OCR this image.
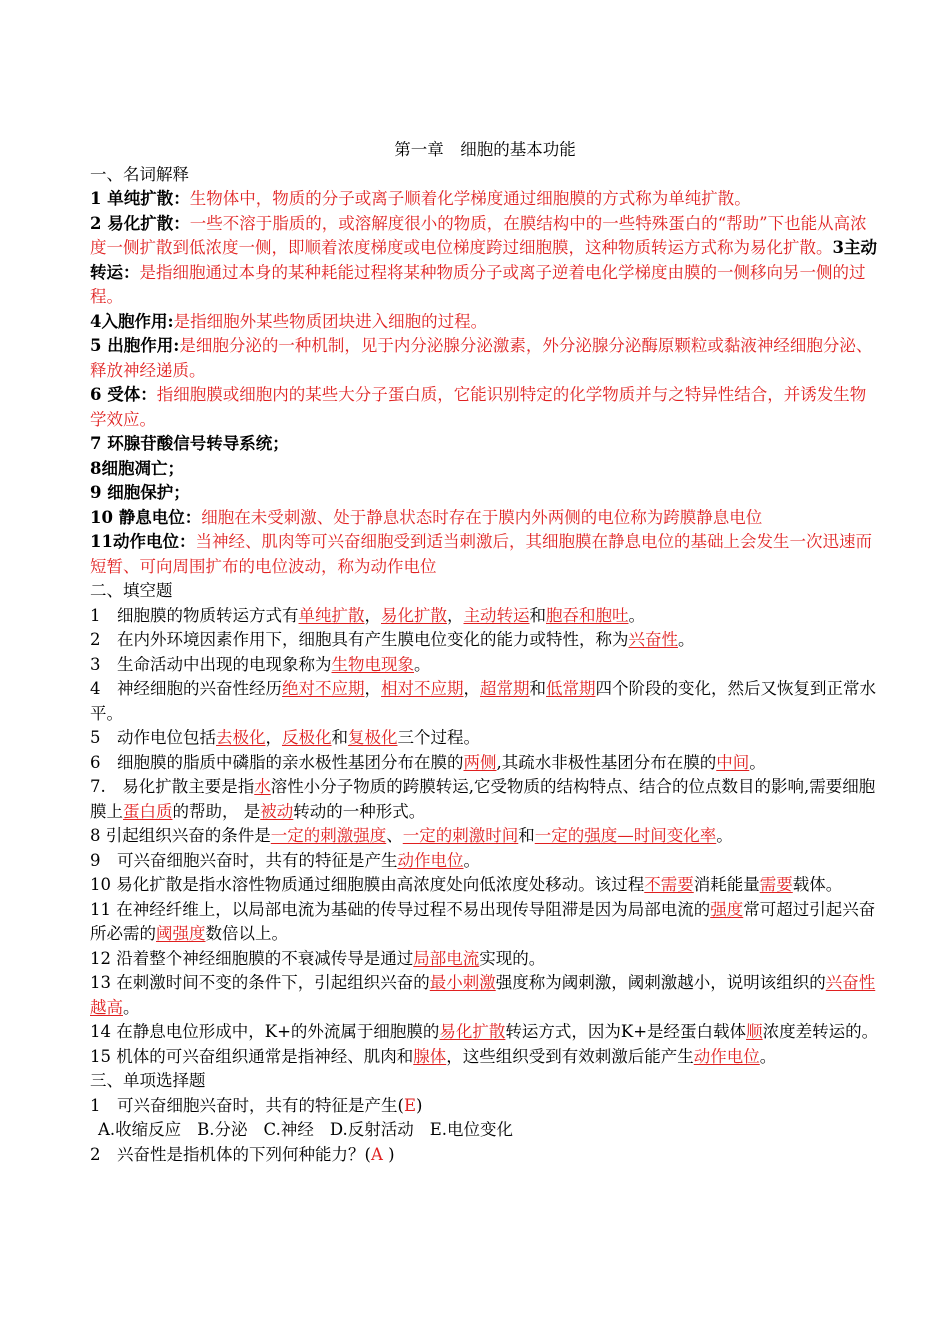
第一章　细胞的基本功能

一、名词解释

1 单纯扩散：生物体中，物质的分子或离子顺着化学梯度通过细胞膜的方式称为单纯扩散。

2 易化扩散：一些不溶于脂质的，或溶解度很小的物质，在膜结构中的一些特殊蛋白的“帮助”下也能从高浓度一侧扩散到低浓度一侧，即顺着浓度梯度或电位梯度跨过细胞膜，这种物质转运方式称为易化扩散。3主动转运：是指细胞通过本身的某种耗能过程将某种物质分子或离子逆着电化学梯度由膜的一侧移向另一侧的过程。

4入胞作用:是指细胞外某些物质团块进入细胞的过程。

5 出胞作用:是细胞分泌的一种机制，见于内分泌腺分泌激素，外分泌腺分泌酶原颗粒或黏液神经细胞分泌、释放神经递质。

6 受体：指细胞膜或细胞内的某些大分子蛋白质，它能识别特定的化学物质并与之特异性结合，并诱发生物学效应。

7 环腺苷酸信号转导系统；

8细胞凋亡；

9 细胞保护；

10 静息电位：细胞在未受刺激、处于静息状态时存在于膜内外两侧的电位称为跨膜静息电位

11动作电位：当神经、肌肉等可兴奋细胞受到适当刺激后，其细胞膜在静息电位的基础上会发生一次迅速而短暂、可向周围扩布的电位波动，称为动作电位

二、填空题

1　细胞膜的物质转运方式有单纯扩散，易化扩散，主动转运和胞吞和胞吐。

2　在内外环境因素作用下，细胞具有产生膜电位变化的能力或特性，称为兴奋性。

3　生命活动中出现的电现象称为生物电现象。

4　神经细胞的兴奋性经历绝对不应期，相对不应期，超常期和低常期四个阶段的变化，然后又恢复到正常水平。

5　动作电位包括去极化，反极化和复极化三个过程。

6　细胞膜的脂质中磷脂的亲水极性基团分布在膜的两侧,其疏水非极性基团分布在膜的中间。

7.　易化扩散主要是指水溶性小分子物质的跨膜转运,它受物质的结构特点、结合的位点数目的影响,需要细胞膜上蛋白质的帮助， 是被动转动的一种形式。

8 引起组织兴奋的条件是一定的刺激强度、一定的刺激时间和一定的强度—时间变化率。

9　可兴奋细胞兴奋时，共有的特征是产生动作电位。

10 易化扩散是指水溶性物质通过细胞膜由高浓度处向低浓度处移动。该过程不需要消耗能量需要载体。

11 在神经纤维上，以局部电流为基础的传导过程不易出现传导阻滞是因为局部电流的强度常可超过引起兴奋所必需的阈强度数倍以上。

12 沿着整个神经细胞膜的不衰减传导是通过局部电流实现的。

13 在刺激时间不变的条件下，引起组织兴奋的最小刺激强度称为阈刺激，阈刺激越小，说明该组织的兴奋性越高。

14 在静息电位形成中，K+的外流属于细胞膜的易化扩散转运方式，因为K+是经蛋白载体顺浓度差转运的。

15 机体的可兴奋组织通常是指神经、肌肉和腺体，这些组织受到有效刺激后能产生动作电位。

三、单项选择题

1　可兴奋细胞兴奋时，共有的特征是产生(E)

A.收缩反应 B.分泌 C.神经 D.反射活动 E.电位变化

2　兴奋性是指机体的下列何种能力？(A )
